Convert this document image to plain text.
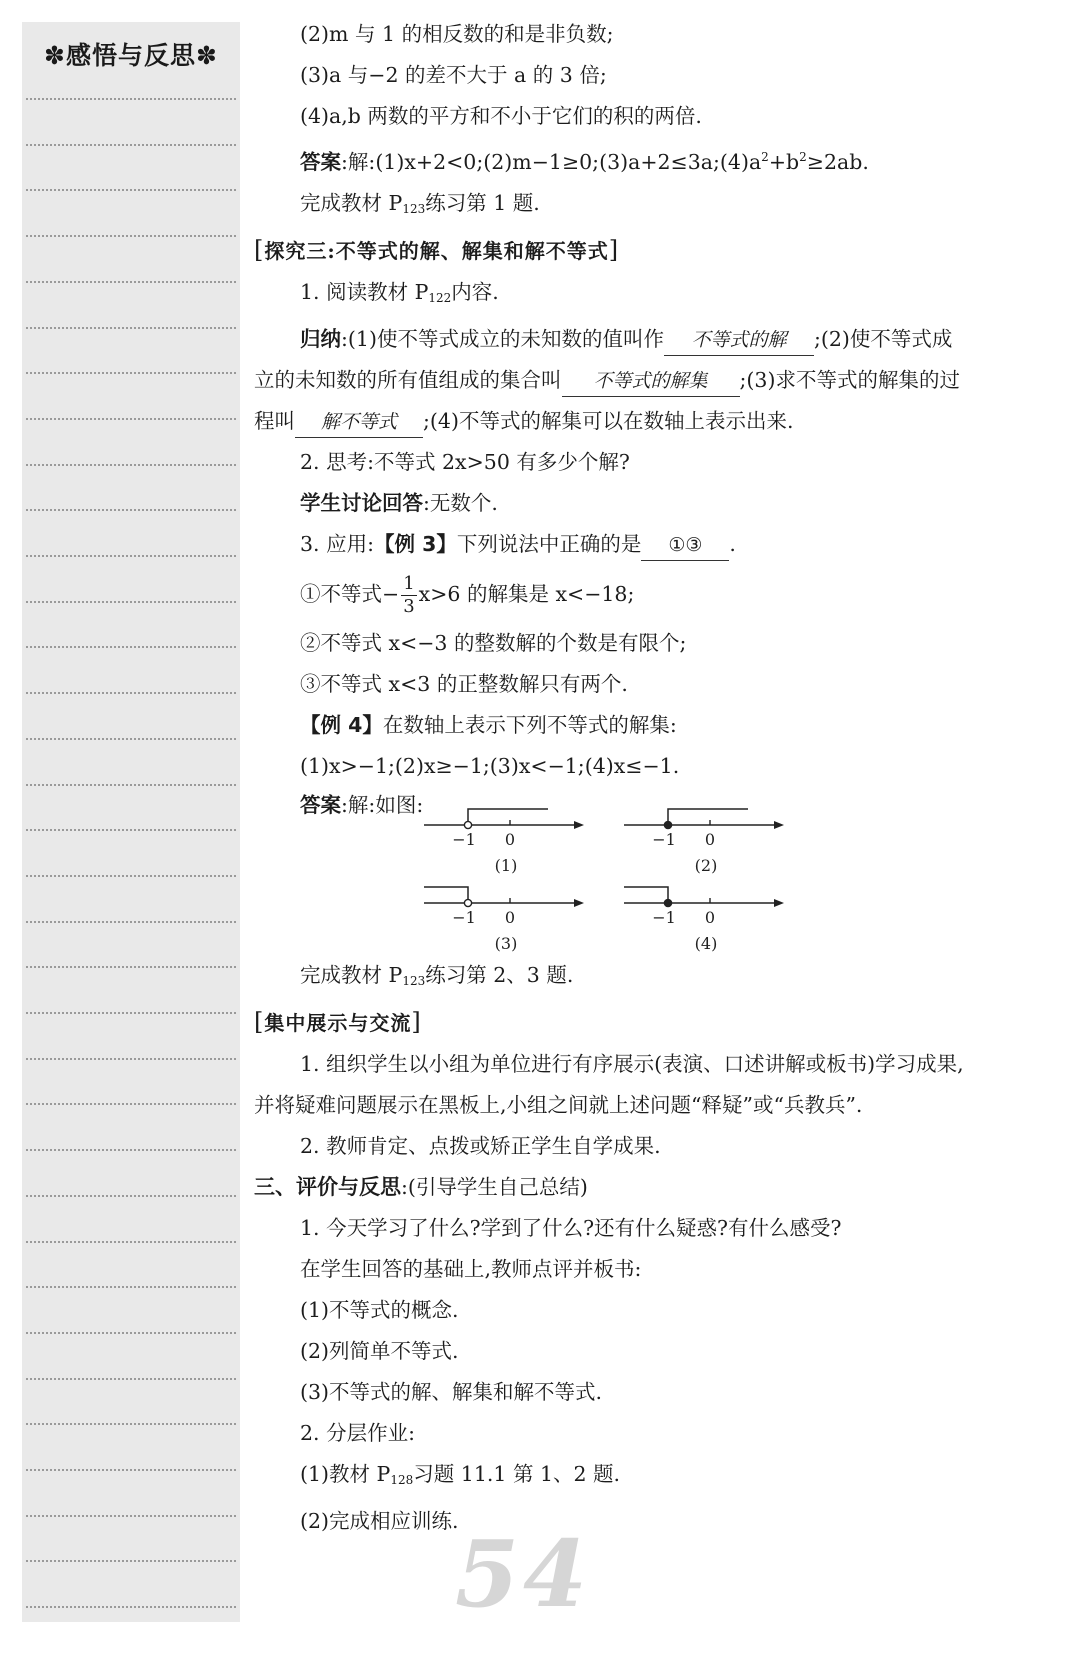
✽感悟与反思✽

(2)m 与 1 的相反数的和是非负数;

(3)a 与−2 的差不大于 a 的 3 倍;

(4)a,b 两数的平方和不小于它们的积的两倍.

答案:解$:(1)x+2<0;(2)m-1\ge 0;(3)a+2\le 3a;(4)a^2+b^2\ge 2ab$.

完成教材 P123练习第 1 题.

[探究三:不等式的解、解集和解不等式]

1. 阅读教材 P122内容.

归纳:(1)使不等式成立的未知数的值叫作 不等式的解 ;(2)使不等式成

立的未知数的所有值组成的集合叫 不等式的解集 ;(3)求不等式的解集的过

程叫 解不等式 ;(4)不等式的解集可以在数轴上表示出来.

2. 思考:不等式 2x>50 有多少个解?

学生讨论回答:无数个.

3. 应用:【例 3】下列说法中正确的是 ①③ .

①不等式− $\frac{1}{3} x>6$ 的解集是 x<−18;

②不等式 x<−3 的整数解的个数是有限个;

③不等式 x<3 的正整数解只有两个.

【例 4】在数轴上表示下列不等式的解集:

(1)x>−1;(2)x≥−1;(3)x<−1;(4)x≤−1.

答案:解:如图:

−1 0
(1)
−1 0
(2)
−1 0
(3)
−1 0
(4)

完成教材 P123练习第 2、3 题.

[集中展示与交流]

1. 组织学生以小组为单位进行有序展示(表演、口述讲解或板书)学习成果,

并将疑难问题展示在黑板上,小组之间就上述问题“释疑”或“兵教兵”.

2. 教师肯定、点拨或矫正学生自学成果.

三、评价与反思:(引导学生自己总结)

1. 今天学习了什么?学到了什么?还有什么疑惑?有什么感受?

在学生回答的基础上,教师点评并板书:

(1)不等式的概念.

(2)列简单不等式.

(3)不等式的解、解集和解不等式.

2. 分层作业:

(1)教材 P128习题 11.1 第 1、2 题.

(2)完成相应训练.

54
